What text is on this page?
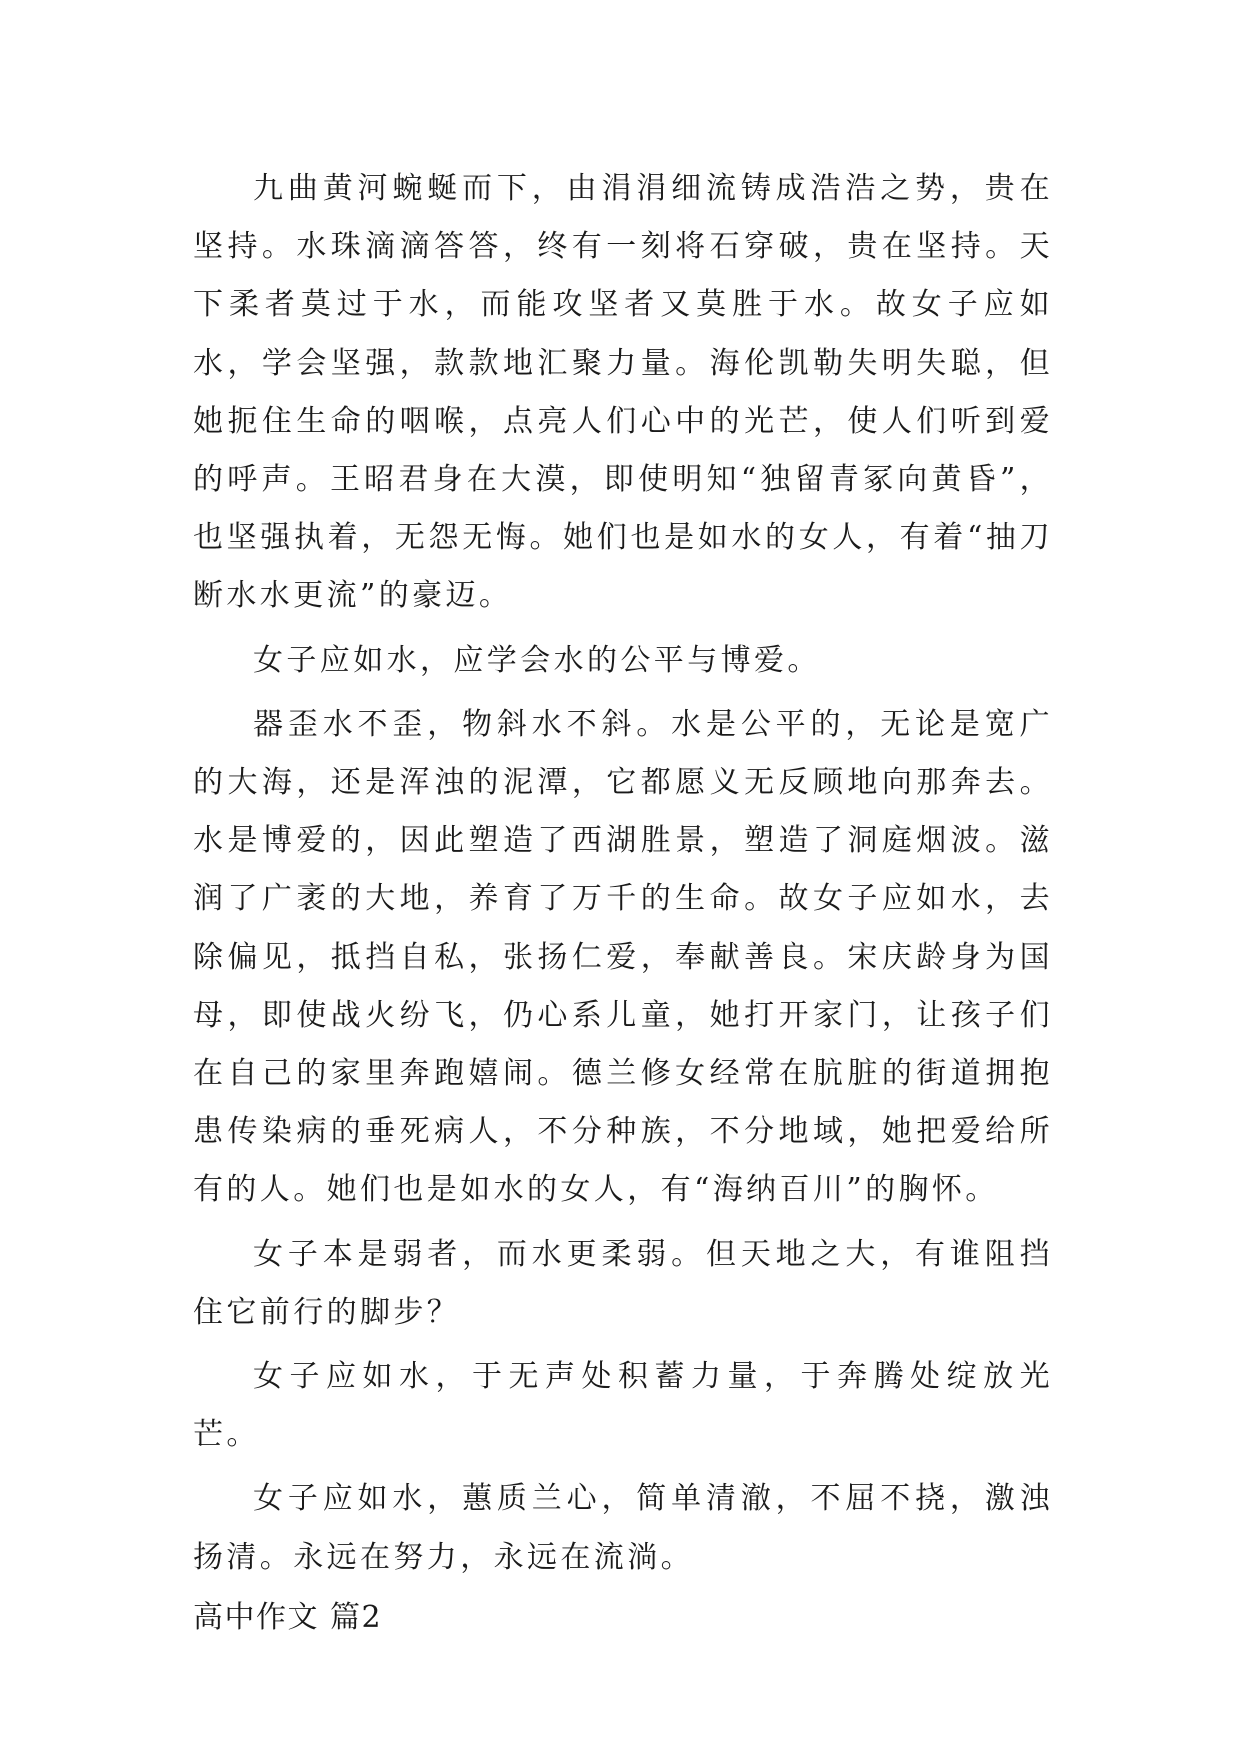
九曲黄河蜿蜒而下，由涓涓细流铸成浩浩之势，贵在坚持。水珠滴滴答答，终有一刻将石穿破，贵在坚持。天下柔者莫过于水，而能攻坚者又莫胜于水。故女子应如水，学会坚强，款款地汇聚力量。海伦凯勒失明失聪，但她扼住生命的咽喉，点亮人们心中的光芒，使人们听到爱的呼声。王昭君身在大漠，即使明知“独留青冢向黄昏”，也坚强执着，无怨无悔。她们也是如水的女人，有着“抽刀断水水更流”的豪迈。

女子应如水，应学会水的公平与博爱。

器歪水不歪，物斜水不斜。水是公平的，无论是宽广的大海，还是浑浊的泥潭，它都愿义无反顾地向那奔去。水是博爱的，因此塑造了西湖胜景，塑造了洞庭烟波。滋润了广袤的大地，养育了万千的生命。故女子应如水，去除偏见，抵挡自私，张扬仁爱，奉献善良。宋庆龄身为国母，即使战火纷飞，仍心系儿童，她打开家门，让孩子们在自己的家里奔跑嬉闹。德兰修女经常在肮脏的街道拥抱患传染病的垂死病人，不分种族，不分地域，她把爱给所有的人。她们也是如水的女人，有“海纳百川”的胸怀。

女子本是弱者，而水更柔弱。但天地之大，有谁阻挡住它前行的脚步？

女子应如水，于无声处积蓄力量，于奔腾处绽放光芒。

女子应如水，蕙质兰心，简单清澈，不屈不挠，激浊扬清。永远在努力，永远在流淌。

高中作文 篇2
